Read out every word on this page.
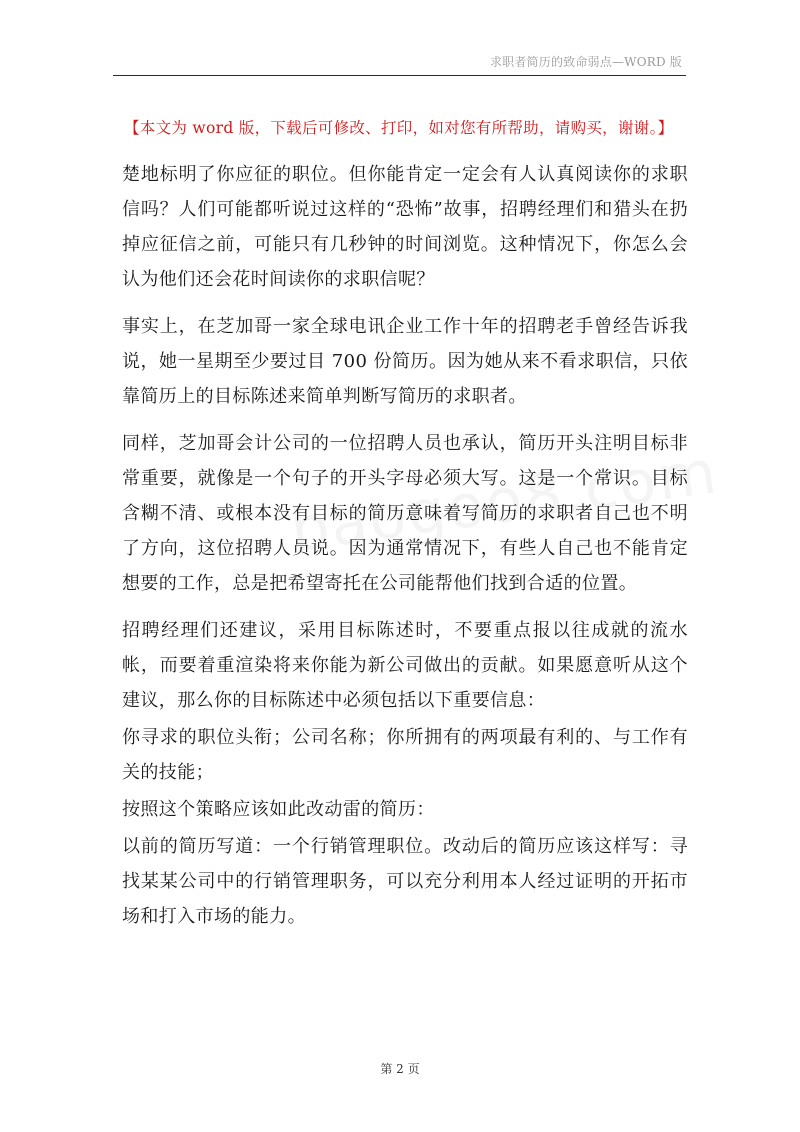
求职者简历的致命弱点—WORD 版
【本文为 word 版，下载后可修改、打印，如对您有所帮助，请购买，谢谢。】

楚地标明了你应征的职位。但你能肯定一定会有人认真阅读你的求职信吗？人们可能都听说过这样的“恐怖”故事，招聘经理们和猎头在扔掉应征信之前，可能只有几秒钟的时间浏览。这种情况下，你怎么会认为他们还会花时间读你的求职信呢？

事实上，在芝加哥一家全球电讯企业工作十年的招聘老手曾经告诉我说，她一星期至少要过目 700 份简历。因为她从来不看求职信，只依靠简历上的目标陈述来简单判断写简历的求职者。

同样，芝加哥会计公司的一位招聘人员也承认，简历开头注明目标非常重要，就像是一个句子的开头字母必须大写。这是一个常识。目标含糊不清、或根本没有目标的简历意味着写简历的求职者自己也不明了方向，这位招聘人员说。因为通常情况下，有些人自己也不能肯定想要的工作，总是把希望寄托在公司能帮他们找到合适的位置。

招聘经理们还建议，采用目标陈述时，不要重点报以往成就的流水帐，而要着重渲染将来你能为新公司做出的贡献。如果愿意听从这个建议，那么你的目标陈述中必须包括以下重要信息：

你寻求的职位头衔；公司名称；你所拥有的两项最有利的、与工作有关的技能；

按照这个策略应该如此改动雷的简历：

以前的简历写道：一个行销管理职位。改动后的简历应该这样写：寻找某某公司中的行销管理职务，可以充分利用本人经过证明的开拓市场和打入市场的能力。

第 2 页
